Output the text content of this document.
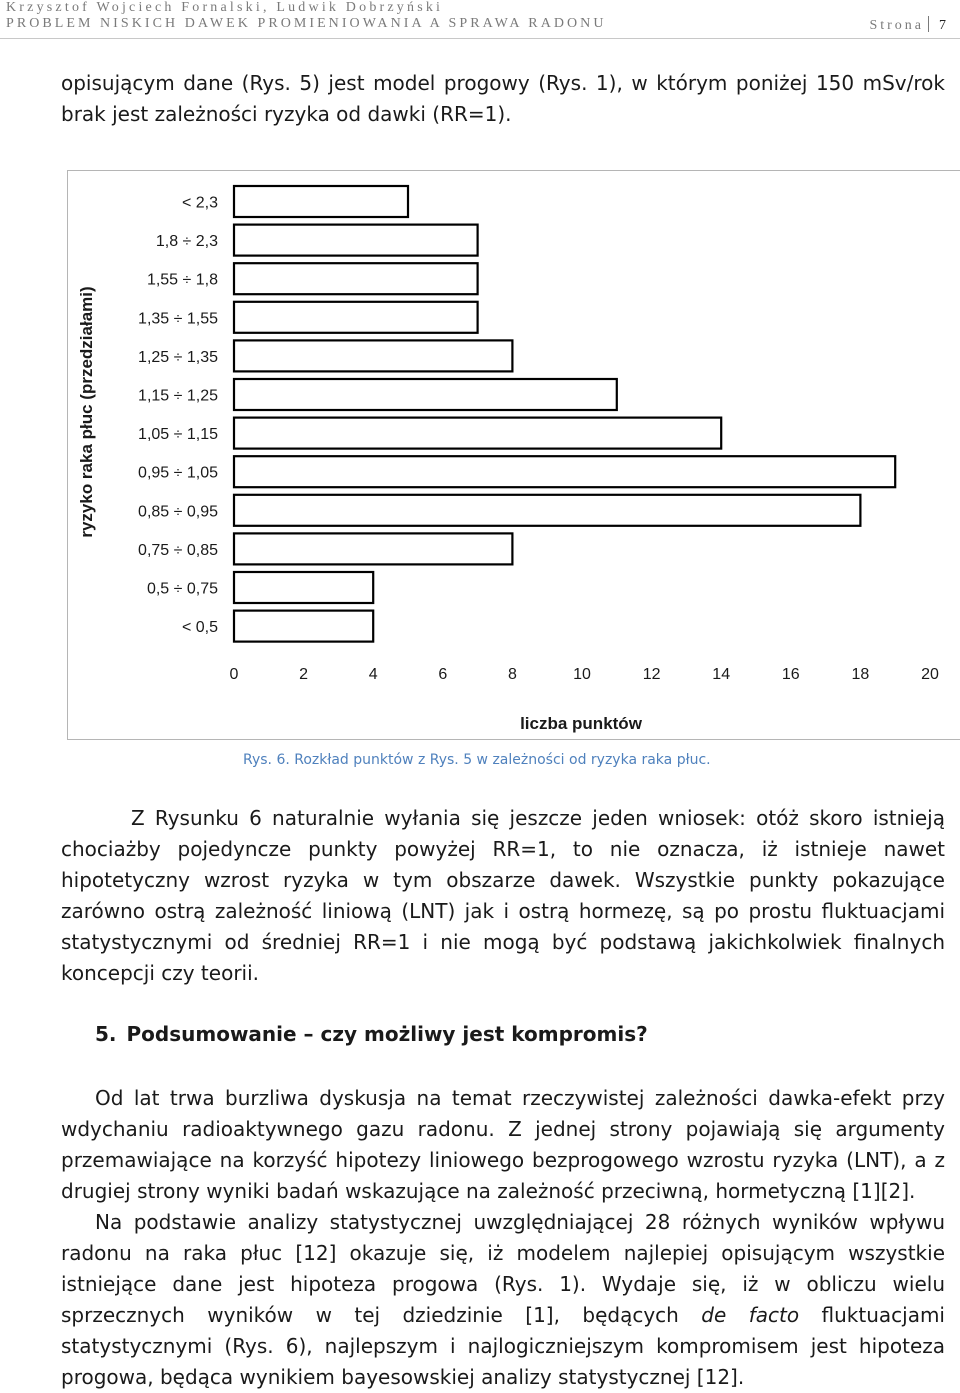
Krzysztof Wojciech Fornalski, Ludwik Dobrzyński
PROBLEM NISKICH DAWEK PROMIENIOWANIA A SPRAWA RADONU	Strona 7
opisującym dane (Rys. 5) jest model progowy (Rys. 1), w którym poniżej 150 mSv/rok brak jest zależności ryzyka od dawki (RR=1).
< 2,3
1,8 ÷ 2,3
1,55 ÷ 1,8
1,35 ÷ 1,55
1,25 ÷ 1,35
1,15 ÷ 1,25
1,05 ÷ 1,15
0,95 ÷ 1,05
0,85 ÷ 0,95
0,75 ÷ 0,85
0,5 ÷ 0,75
< 0,5
0	2	4	6	8	10	12	14	16	18	20
liczba punktów
ryzyko raka płuc (przedziałami)
Rys. 6. Rozkład punktów z Rys. 5 w zależności od ryzyka raka płuc.
Z Rysunku 6 naturalnie wyłania się jeszcze jeden wniosek: otóż skoro istnieją chociażby pojedyncze punkty powyżej RR=1, to nie oznacza, iż istnieje nawet hipotetyczny wzrost ryzyka w tym obszarze dawek. Wszystkie punkty pokazujące zarówno ostrą zależność liniową (LNT) jak i ostrą hormezę, są po prostu fluktuacjami statystycznymi od średniej RR=1 i nie mogą być podstawą jakichkolwiek finalnych koncepcji czy teorii.
5. Podsumowanie – czy możliwy jest kompromis?
Od lat trwa burzliwa dyskusja na temat rzeczywistej zależności dawka-efekt przy wdychaniu radioaktywnego gazu radonu. Z jednej strony pojawiają się argumenty przemawiające na korzyść hipotezy liniowego bezprogowego wzrostu ryzyka (LNT), a z drugiej strony wyniki badań wskazujące na zależność przeciwną, hormetyczną [1][2].
Na podstawie analizy statystycznej uwzględniającej 28 różnych wyników wpływu radonu na raka płuc [12] okazuje się, iż modelem najlepiej opisującym wszystkie istniejące dane jest hipoteza progowa (Rys. 1). Wydaje się, iż w obliczu wielu sprzecznych wyników w tej dziedzinie [1], będących de facto fluktuacjami statystycznymi (Rys. 6), najlepszym i najlogiczniejszym kompromisem jest hipoteza progowa, będąca wynikiem bayesowskiej analizy statystycznej [12].
